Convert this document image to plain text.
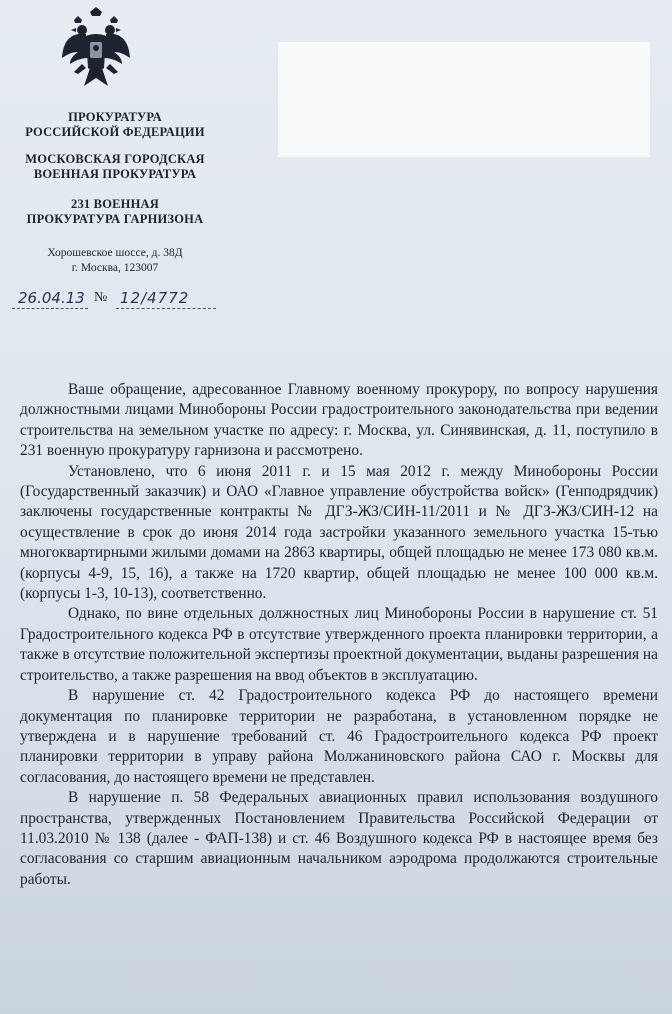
ПРОКУРАТУРА
РОССИЙСКОЙ ФЕДЕРАЦИИ
МОСКОВСКАЯ ГОРОДСКАЯ
ВОЕННАЯ ПРОКУРАТУРА
231 ВОЕННАЯ
ПРОКУРАТУРА ГАРНИЗОНА
Хорошевское шоссе, д. 38Д
г. Москва, 123007
26.04.13 № 12/4772

Ваше обращение, адресованное Главному военному прокурору, по вопросу нарушения должностными лицами Минобороны России градостроительного законодательства при ведении строительства на земельном участке по адресу: г. Москва, ул. Синявинская, д. 11, поступило в 231 военную прокуратуру гарнизона и рассмотрено.

Установлено, что 6 июня 2011 г. и 15 мая 2012 г. между Минобороны России (Государственный заказчик) и ОАО «Главное управление обустройства войск» (Генподрядчик) заключены государственные контракты № ДГЗ-ЖЗ/СИН-11/2011 и № ДГЗ-ЖЗ/СИН-12 на осуществление в срок до июня 2014 года застройки указанного земельного участка 15-тью многоквартирными жилыми домами на 2863 квартиры, общей площадью не менее 173 080 кв.м. (корпусы 4-9, 15, 16), а также на 1720 квартир, общей площадью не менее 100 000 кв.м. (корпусы 1-3, 10-13), соответственно.

Однако, по вине отдельных должностных лиц Минобороны России в нарушение ст. 51 Градостроительного кодекса РФ в отсутствие утвержденного проекта планировки территории, а также в отсутствие положительной экспертизы проектной документации, выданы разрешения на строительство, а также разрешения на ввод объектов в эксплуатацию.

В нарушение ст. 42 Градостроительного кодекса РФ до настоящего времени документация по планировке территории не разработана, в установленном порядке не утверждена и в нарушение требований ст. 46 Градостроительного кодекса РФ проект планировки территории в управу района Молжаниновского района САО г. Москвы для согласования, до настоящего времени не представлен.

В нарушение п. 58 Федеральных авиационных правил использования воздушного пространства, утвержденных Постановлением Правительства Российской Федерации от 11.03.2010 № 138 (далее - ФАП-138) и ст. 46 Воздушного кодекса РФ в настоящее время без согласования со старшим авиационным начальником аэродрома продолжаются строительные работы.
